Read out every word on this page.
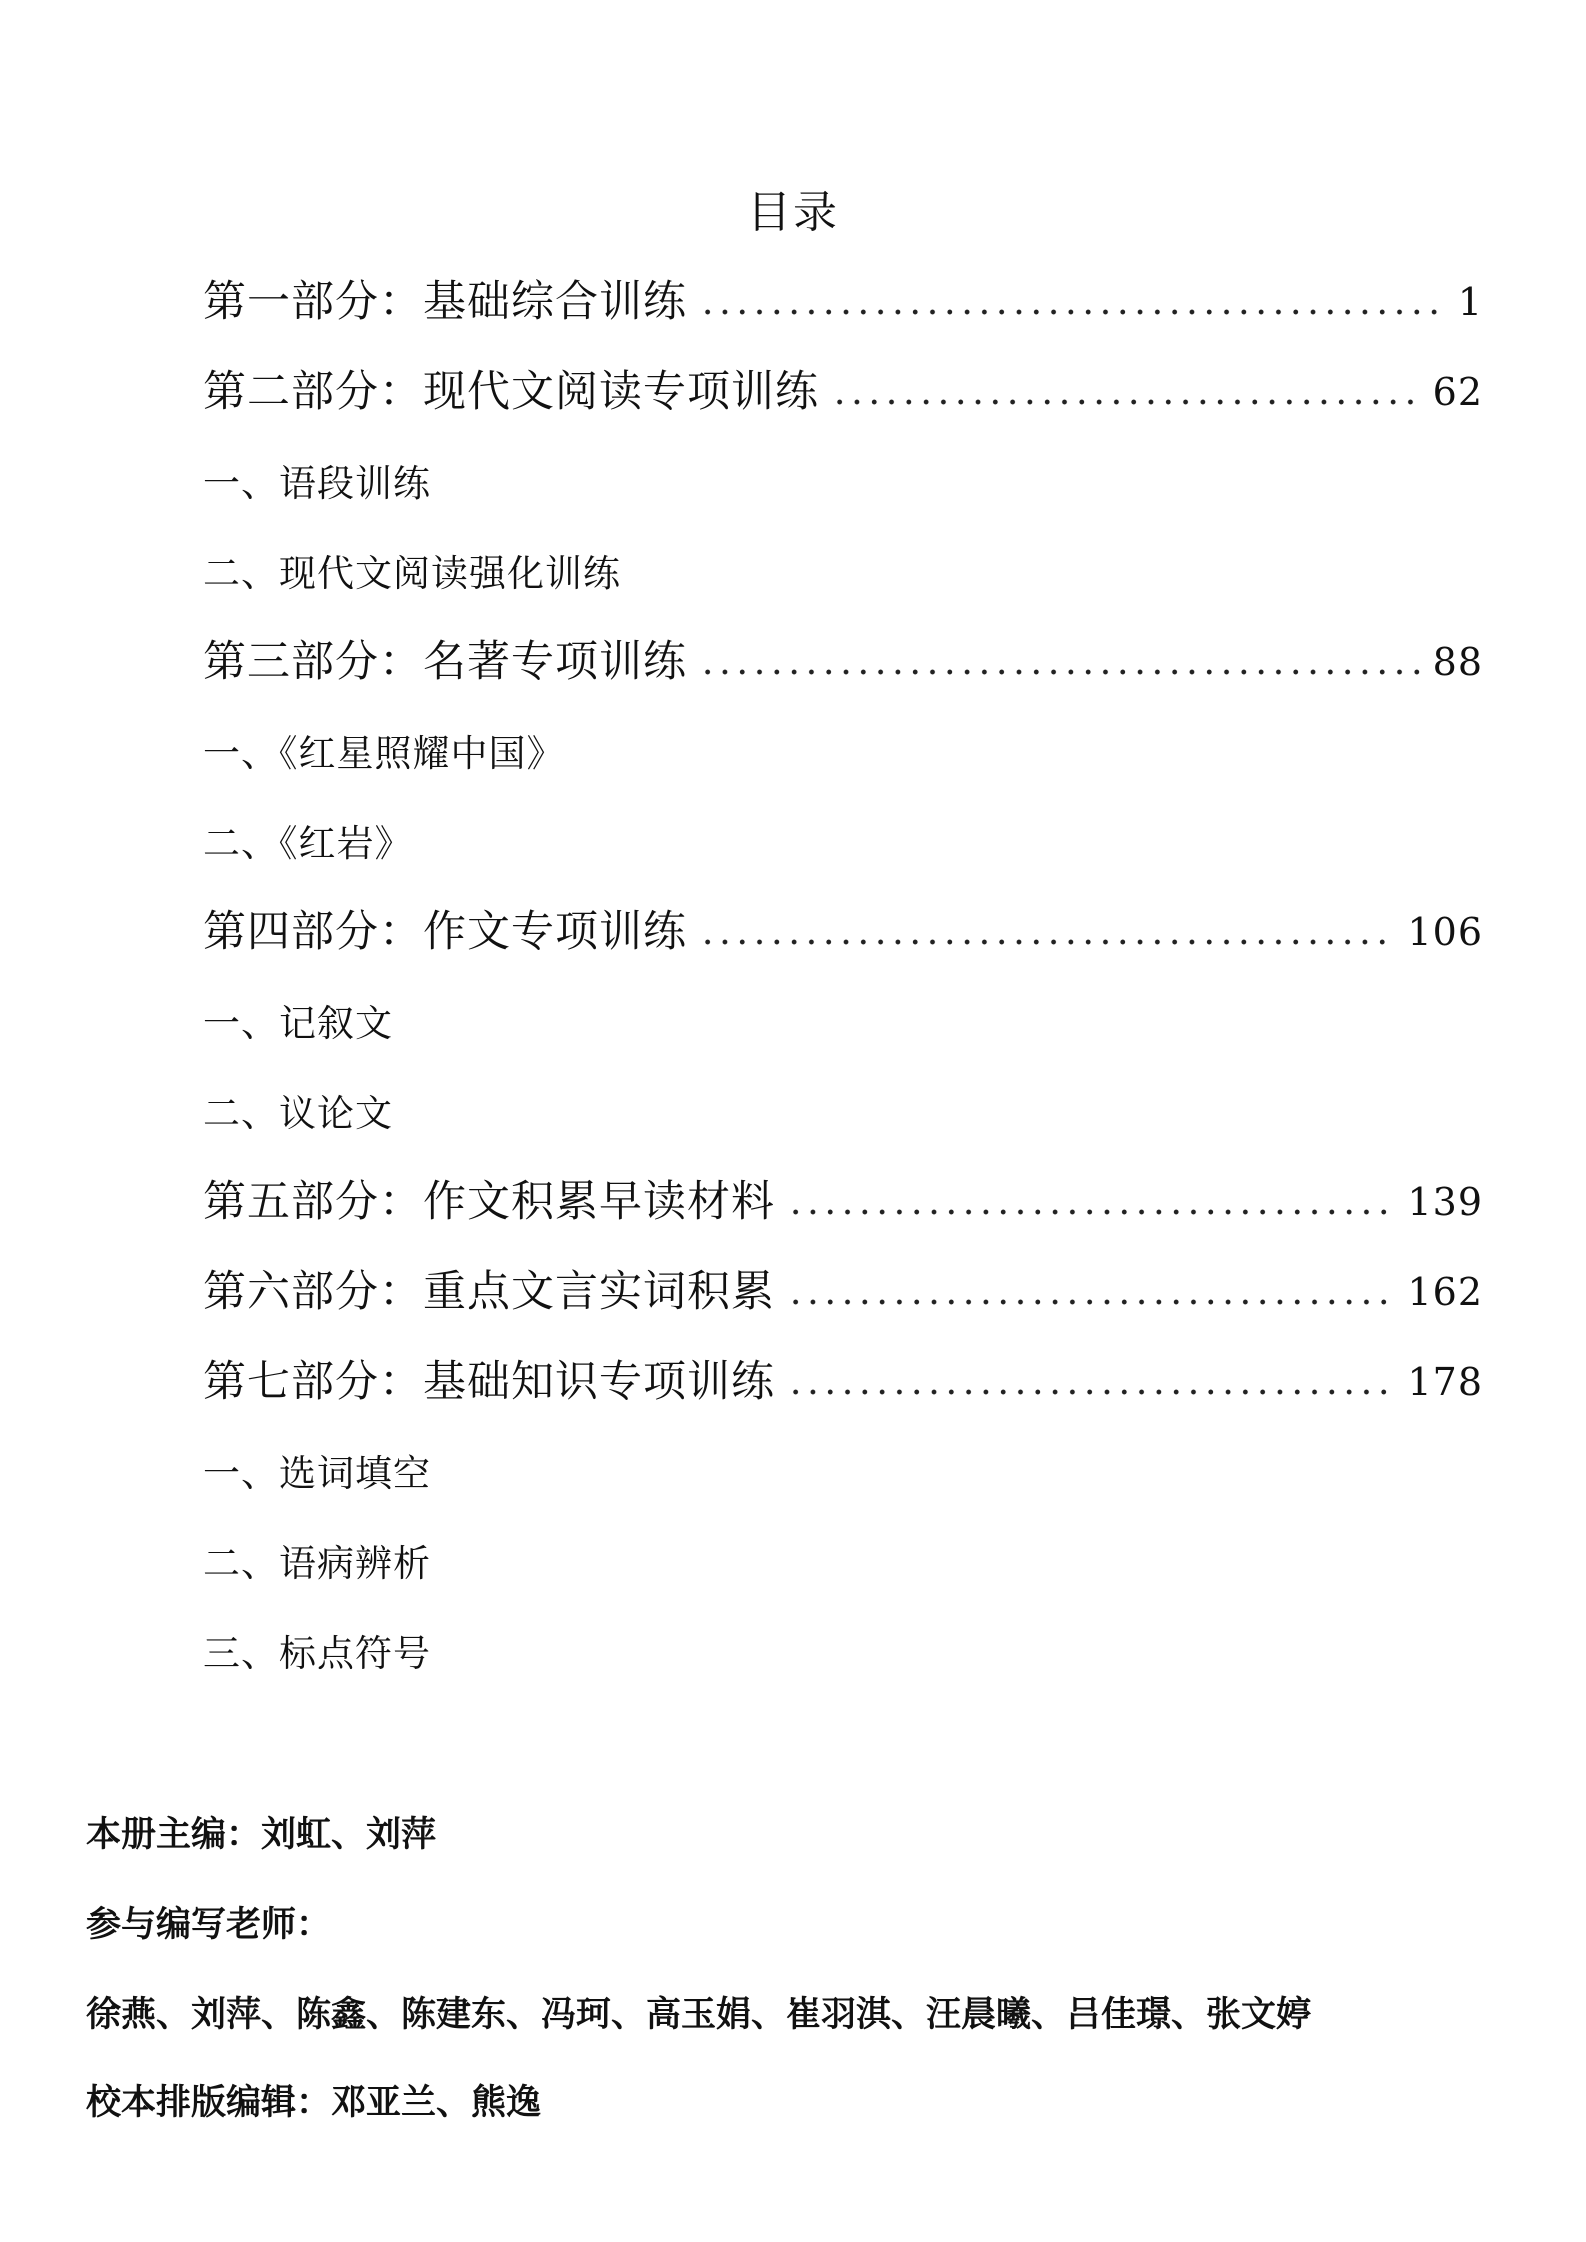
目录
第一部分：基础综合训练	1
第二部分：现代文阅读专项训练	62
一、语段训练
二、现代文阅读强化训练
第三部分：名著专项训练	88
一、《红星照耀中国》
二、《红岩》
第四部分：作文专项训练	106
一、记叙文
二、议论文
第五部分：作文积累早读材料	139
第六部分：重点文言实词积累	162
第七部分：基础知识专项训练	178
一、选词填空
二、语病辨析
三、标点符号
本册主编：刘虹、刘萍
参与编写老师：
徐燕、刘萍、陈鑫、陈建东、冯珂、高玉娟、崔羽淇、汪晨曦、吕佳璟、张文婷
校本排版编辑：邓亚兰、熊逸
